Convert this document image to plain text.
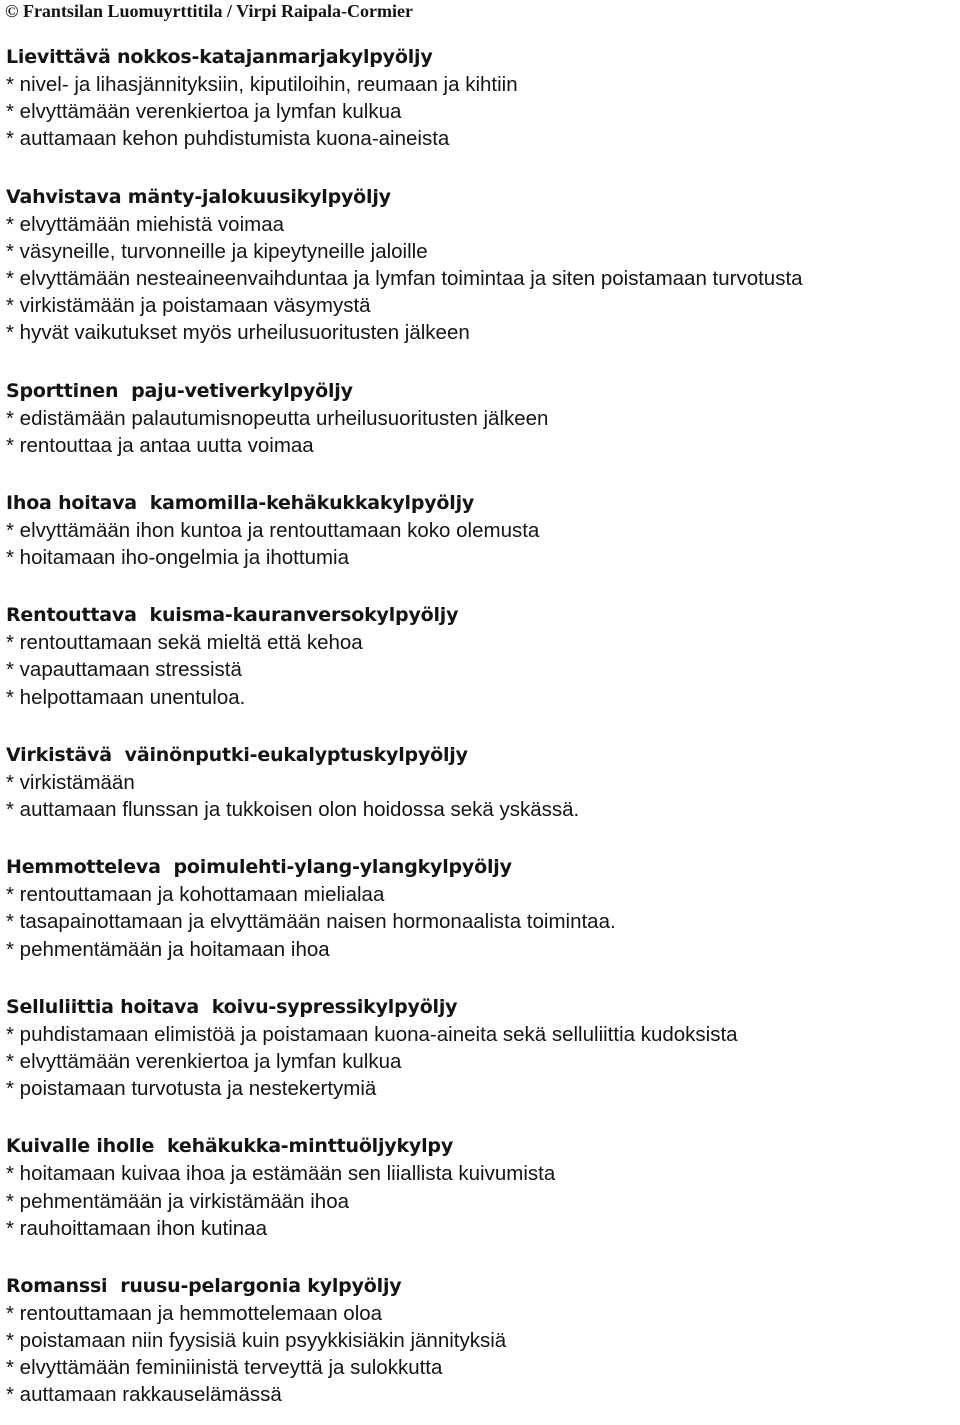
© Frantsilan Luomuyrttitila / Virpi Raipala-Cormier
Lievittävä nokkos-katajanmarjakylpyöljy
* nivel- ja lihasjännityksiin, kiputiloihin, reumaan ja kihtiin
* elvyttämään verenkiertoa ja lymfan kulkua
* auttamaan kehon puhdistumista kuona-aineista
Vahvistava mänty-jalokuusikylpyöljy
* elvyttämään miehistä voimaa
* väsyneille, turvonneille ja kipeytyneille jaloille
* elvyttämään nesteaineenvaihduntaa ja lymfan toimintaa ja siten poistamaan turvotusta
* virkistämään ja poistamaan väsymystä
* hyvät vaikutukset myös urheilusuoritusten jälkeen
Sporttinen  paju-vetiverkylpyöljy
* edistämään palautumisnopeutta urheilusuoritusten jälkeen
* rentouttaa ja antaa uutta voimaa
Ihoa hoitava  kamomilla-kehäkukkakylpyöljy
* elvyttämään ihon kuntoa ja rentouttamaan koko olemusta
* hoitamaan iho-ongelmia ja ihottumia
Rentouttava  kuisma-kauranversokylpyöljy
* rentouttamaan sekä mieltä että kehoa
* vapauttamaan stressistä
* helpottamaan unentuloa.
Virkistävä  väinönputki-eukalyptuskylpyöljy
* virkistämään
* auttamaan flunssan ja tukkoisen olon hoidossa sekä yskässä.
Hemmotteleva  poimulehti-ylang-ylangkylpyöljy
* rentouttamaan ja kohottamaan mielialaa
* tasapainottamaan ja elvyttämään naisen hormonaalista toimintaa.
* pehmentämään ja hoitamaan ihoa
Selluliittia hoitava  koivu-sypressikylpyöljy
* puhdistamaan elimistöä ja poistamaan kuona-aineita sekä selluliittia kudoksista
* elvyttämään verenkiertoa ja lymfan kulkua
* poistamaan turvotusta ja nestekertymiä
Kuivalle iholle  kehäkukka-minttuöljykylpy
* hoitamaan kuivaa ihoa ja estämään sen liiallista kuivumista
* pehmentämään ja virkistämään ihoa
* rauhoittamaan ihon kutinaa
Romanssi  ruusu-pelargonia kylpyöljy
* rentouttamaan ja hemmottelemaan oloa
* poistamaan niin fyysisiä kuin psyykkisiäkin jännityksiä
* elvyttämään feminiinistä terveyttä ja sulokkutta
* auttamaan rakkauselämässä
